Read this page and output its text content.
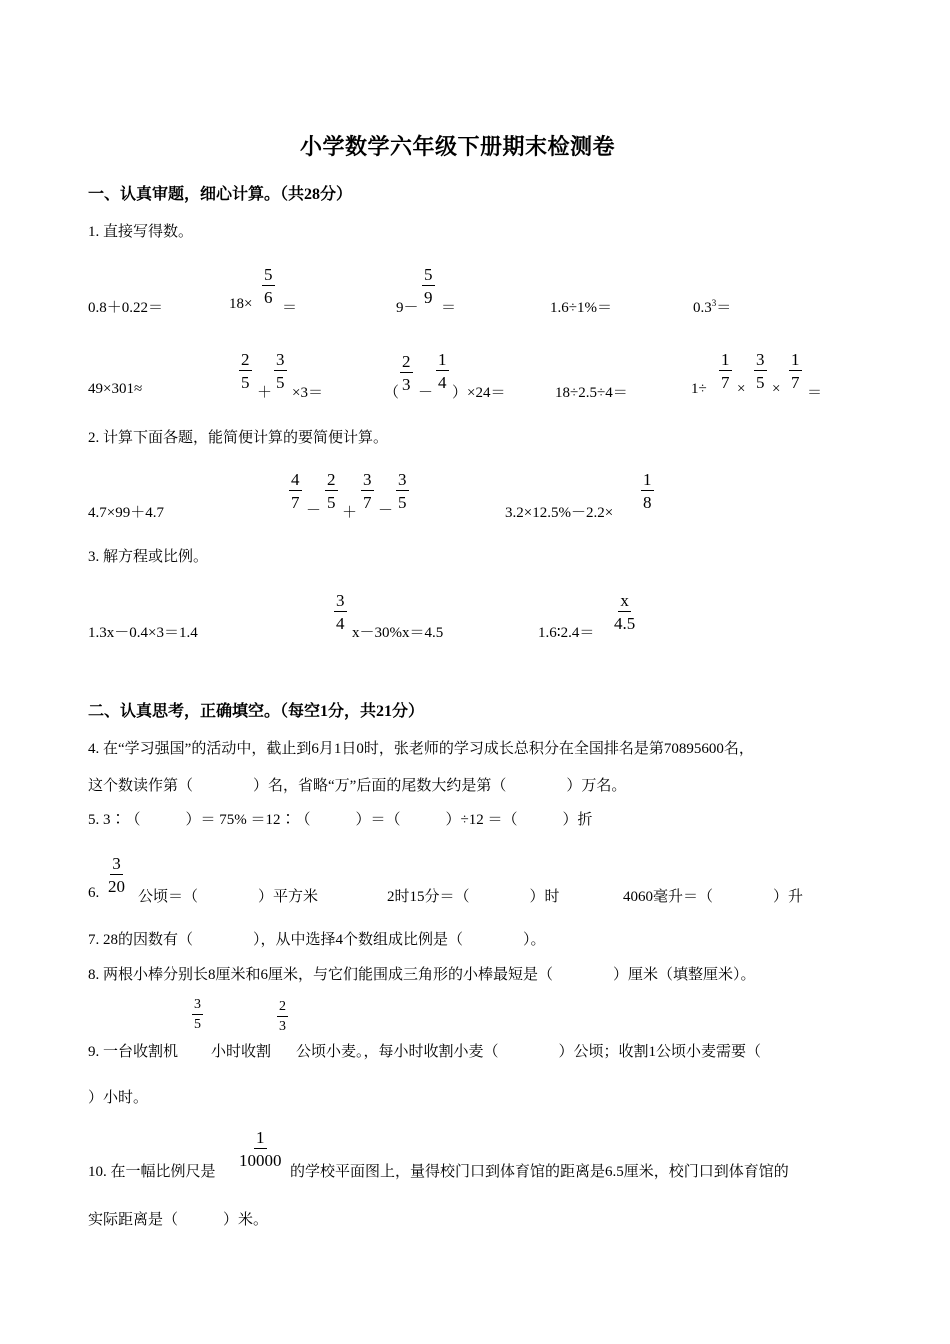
小学数学六年级下册期末检测卷
一、认真审题，细心计算。（共28分）
1. 直接写得数。
0.8＋0.22＝	$18\times \frac{5}{6}$
＝	9－
$\frac{5}{9}$
＝	1.6÷1%＝	$0.3^3=$
49×301≈	$\frac{2}{5}$
＋
$\frac{3}{5}$
×3＝	（ $\frac{2}{3}$ －
$\frac{1}{4}$
）×24＝	18÷2.5÷4＝	$1\div \frac{1}{7} \times \frac{3}{5} \times \frac{1}{7}$
＝
2. 计算下面各题，能简便计算的要简便计算。
4.7×99＋4.7
$\frac{4}{7} - \frac{2}{5}$
＋
$\frac{3}{7} - \frac{3}{5}$
3.2×12.5%－2.2×
$\frac{1}{8}$
3. 解方程或比例。
1.3x－0.4×3＝1.4
$\frac{3}{4}$
x－30%x＝4.5	1.6∶2.4＝
$\frac{x}{4.5}$
二、认真思考，正确填空。（每空1分，共21分）
4. 在“学习强国”的活动中，截止到6月1日0时，张老师的学习成长总积分在全国排名是第70895600名，
这个数读作第（　　　　）名，省略“万”后面的尾数大约是第（　　　　）万名。
5. 3∶（　　　）＝ 75% ＝12∶（　　　）＝（　　　）÷12 ＝（　　　）折
6. $\frac{3}{20}$
公顷＝（　　　　）平方米	2时15分＝（　　　　）时	4060毫升＝（　　　　）升
7. 28的因数有（　　　　），从中选择4个数组成比例是（　　　　）。
8. 两根小棒分别长8厘米和6厘米，与它们能围成三角形的小棒最短是（　　　　）厘米（填整厘米）。
9. 一台收割机
$\frac{3}{5}$
小时收割
$\frac{2}{3}$
公顷小麦。，每小时收割小麦（　　　　）公顷；收割1公顷小麦需要（
）小时。
10. 在一幅比例尺是
$\frac{1}{10000}$
的学校平面图上，量得校门口到体育馆的距离是6.5厘米，校门口到体育馆的
实际距离是（　　　）米。
